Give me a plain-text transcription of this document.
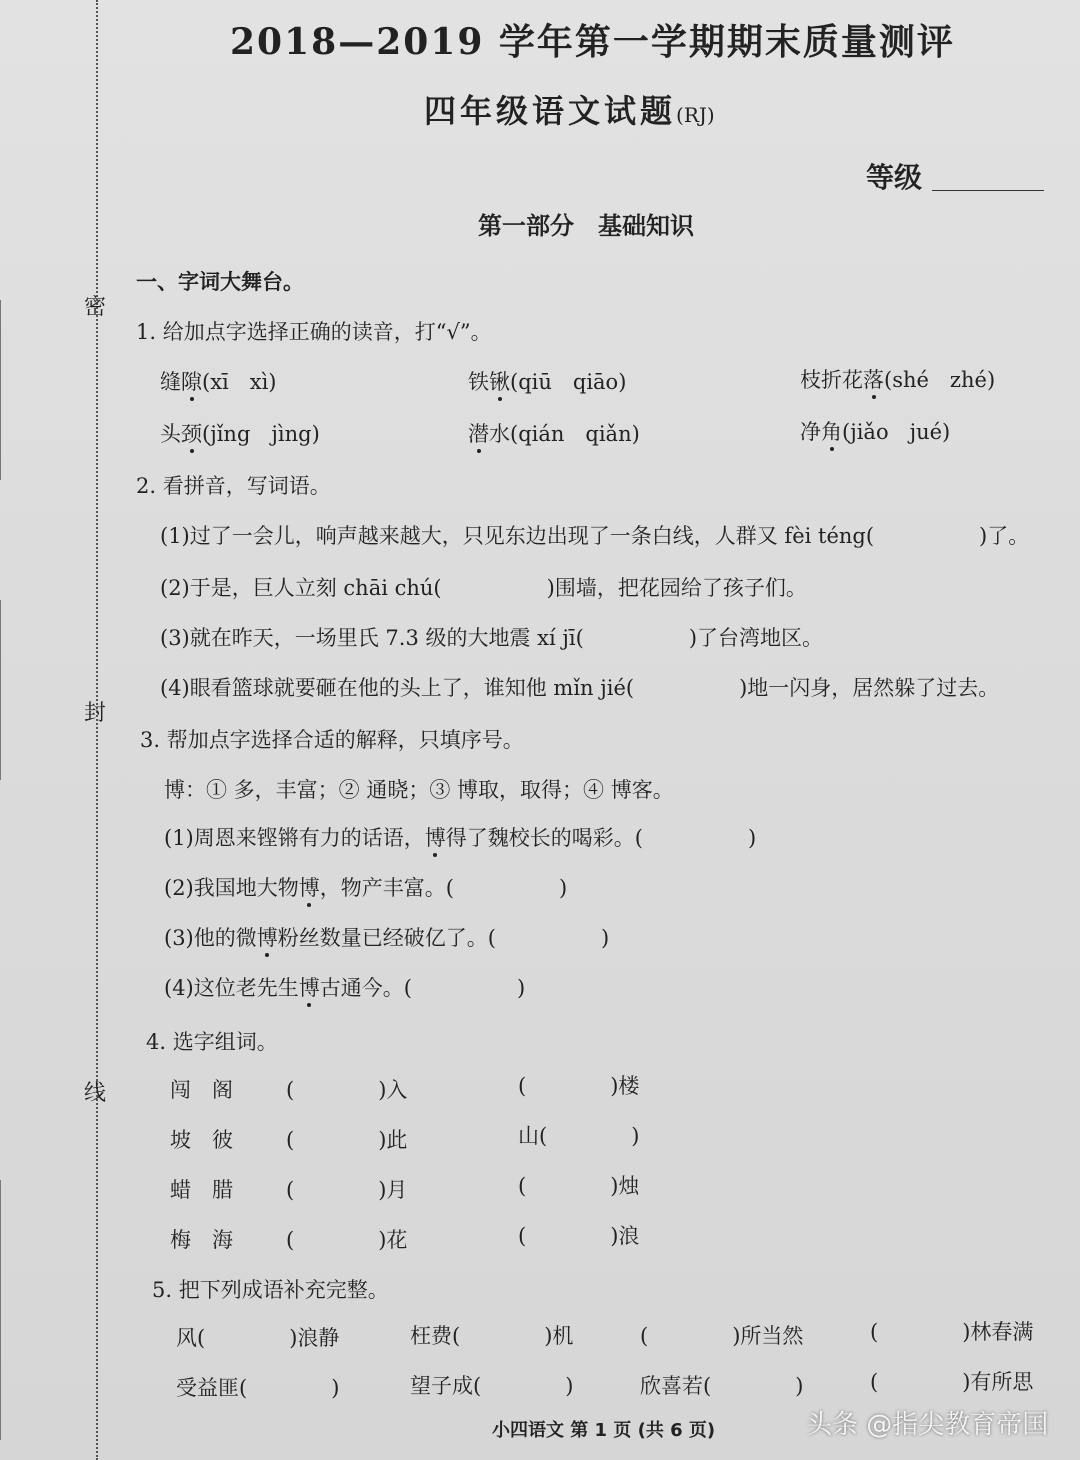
密
封
线
2018—2019 学年第一学期期末质量测评
四年级语文试题(RJ)
等级
第一部分　基础知识
一、字词大舞台。
1. 给加点字选择正确的读音，打“√”。
缝隙(xī　xì)	铁锹(qiū　qiāo)	枝折花落(shé　zhé)
头颈(jǐng　jìng)	潜水(qián　qiǎn)	净角(jiǎo　jué)
2. 看拼音，写词语。
(1)过了一会儿，响声越来越大，只见东边出现了一条白线，人群又 fèi téng(　　　　　)了。
(2)于是，巨人立刻 chāi chú(　　　　　)围墙，把花园给了孩子们。
(3)就在昨天，一场里氏 7.3 级的大地震 xí jī(　　　　　)了台湾地区。
(4)眼看篮球就要砸在他的头上了，谁知他 mǐn jié(　　　　　)地一闪身，居然躲了过去。
3. 帮加点字选择合适的解释，只填序号。
博：① 多，丰富；② 通晓；③ 博取，取得；④ 博客。
(1)周恩来铿锵有力的话语，博得了魏校长的喝彩。(　　　　　)
(2)我国地大物博，物产丰富。(　　　　　)
(3)他的微博粉丝数量已经破亿了。(　　　　　)
(4)这位老先生博古通今。(　　　　　)
4. 选字组词。
闯　阁	(　　　　)入	(　　　　)楼
坡　彼	(　　　　)此	山(　　　　)
蜡　腊	(　　　　)月	(　　　　)烛
梅　海	(　　　　)花	(　　　　)浪
5. 把下列成语补充完整。
风(　　　　)浪静	枉费(　　　　)机	(　　　　)所当然	(　　　　)林春满
受益匪(　　　　)	望子成(　　　　)	欣喜若(　　　　)	(　　　　)有所思
小四语文 第 1 页 (共 6 页)	头条 @指尖教育帝国
